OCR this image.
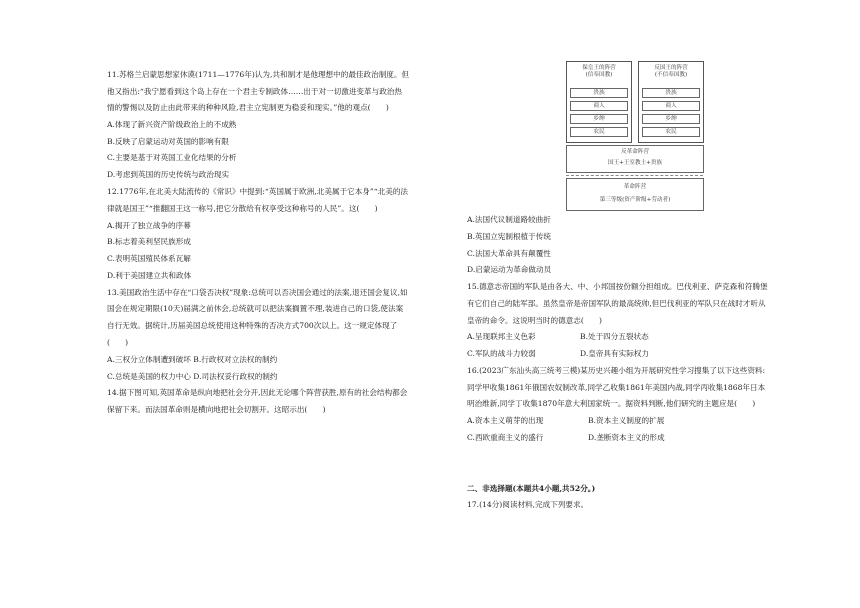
11.苏格兰启蒙思想家休谟(1711—1776年)认为,共和制才是他理想中的最佳政治制度。但
他又指出:“我宁愿看到这个岛上存在一个君主专制政体……出于对一切激进变革与政治热
情的警惕以及防止由此带来的种种风险,君主立宪制更为稳妥和现实。”他的观点(　　)
A.体现了新兴资产阶级政治上的不成熟
B.反映了启蒙运动对英国的影响有限
C.主要是基于对英国工业化结果的分析
D.考虑到英国的历史传统与政治现实
12.1776年,在北美大陆流传的《常识》中提到:“英国属于欧洲,北美属于它本身”“北美的法
律就是国王”“推翻国王这一称号,把它分散给有权享受这种称号的人民”。这(　　)
A.揭开了独立战争的序幕
B.标志着美利坚民族形成
C.表明英国殖民体系瓦解
D.利于美国建立共和政体
13.美国政治生活中存在“口袋否决权”现象:总统可以否决国会通过的法案,退还国会复议,如
国会在规定期限(10天)届满之前休会,总统就可以把法案搁置不理,装进自己的口袋,使法案
自行无效。据统计,历届美国总统使用这种特殊的否决方式700次以上。这一规定体现了
(　　)
A.三权分立体制遭到破坏 B.行政权对立法权的制约
C.总统是美国的权力中心 D.司法权妥行政权的制约
14.据下图可知,英国革命是纵向地把社会分开,因此无论哪个阵营获胜,原有的社会结构都会
保留下来。而法国革命则是横向地把社会切割开。这昭示出(　　)
保皇王的阵营
(信奉国教)
贵族
商人
乡绅
农民
反国王的阵营
(不信奉国教)
贵族
商人
乡绅
农民
反革命阵营
国王+王室教士+贵族
革命阵营
第三等级(资产阶级+劳动者)
A.法国代议制道路较曲折
B.英国立宪制根植于传统
C.法国大革命具有颠覆性
D.启蒙运动为革命做动员
15.德意志帝国的军队是由各大、中、小邦国按份额分担组成。巴伐利亚、萨克森和符腾堡
有它们自己的陆军部。虽然皇帝是帝国军队的最高统帅,但巴伐利亚的军队只在战时才听从
皇帝的命令。这说明当时的德意志(　　)
A.呈现联邦主义色彩	B.处于四分五裂状态
C.军队的战斗力较弱	D.皇帝具有实际权力
16.(2023广东汕头高三统考三模)某历史兴趣小组为开展研究性学习搜集了以下这些资料:
同学甲收集1861年俄国农奴制改革,同学乙收集1861年美国内战,同学丙收集1868年日本
明治维新,同学丁收集1870年意大利国家统一。据资料判断,他们研究的主题应是(　　)
A.资本主义萌芽的出现	B.资本主义制度的扩展
C.西欧重商主义的盛行	D.垄断资本主义的形成
二、非选择题(本题共4小题,共52分。)
17.(14分)阅读材料,完成下列要求。
